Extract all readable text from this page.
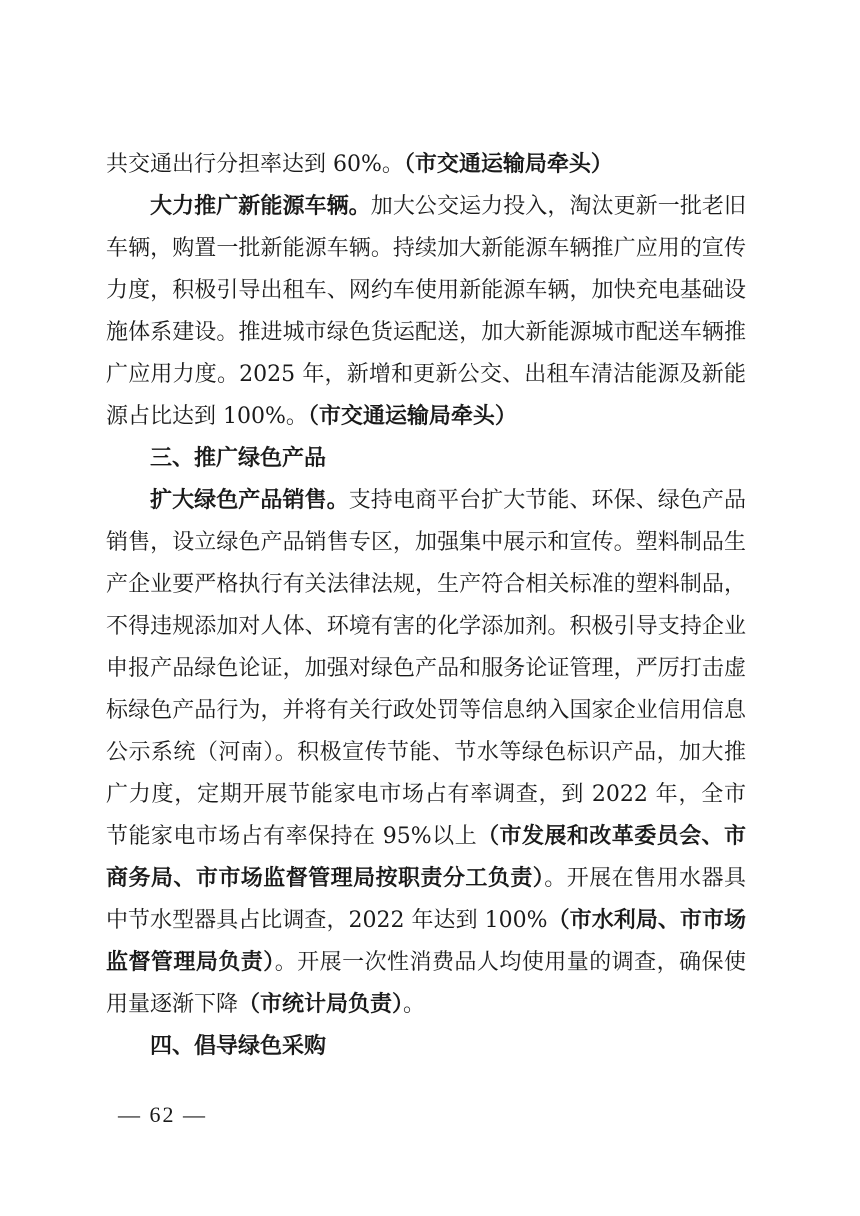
共交通出行分担率达到 60%。（市交通运输局牵头）

大力推广新能源车辆。加大公交运力投入，淘汰更新一批老旧车辆，购置一批新能源车辆。持续加大新能源车辆推广应用的宣传力度，积极引导出租车、网约车使用新能源车辆，加快充电基础设施体系建设。推进城市绿色货运配送，加大新能源城市配送车辆推广应用力度。2025 年，新增和更新公交、出租车清洁能源及新能源占比达到 100%。（市交通运输局牵头）

三、推广绿色产品

扩大绿色产品销售。支持电商平台扩大节能、环保、绿色产品销售，设立绿色产品销售专区，加强集中展示和宣传。塑料制品生产企业要严格执行有关法律法规，生产符合相关标准的塑料制品，不得违规添加对人体、环境有害的化学添加剂。积极引导支持企业申报产品绿色论证，加强对绿色产品和服务论证管理，严厉打击虚标绿色产品行为，并将有关行政处罚等信息纳入国家企业信用信息公示系统（河南）。积极宣传节能、节水等绿色标识产品，加大推广力度，定期开展节能家电市场占有率调查，到 2022 年，全市节能家电市场占有率保持在 95%以上（市发展和改革委员会、市商务局、市市场监督管理局按职责分工负责）。开展在售用水器具中节水型器具占比调查，2022 年达到 100%（市水利局、市市场监督管理局负责）。开展一次性消费品人均使用量的调查，确保使用量逐渐下降（市统计局负责）。

四、倡导绿色采购

— 62 —
